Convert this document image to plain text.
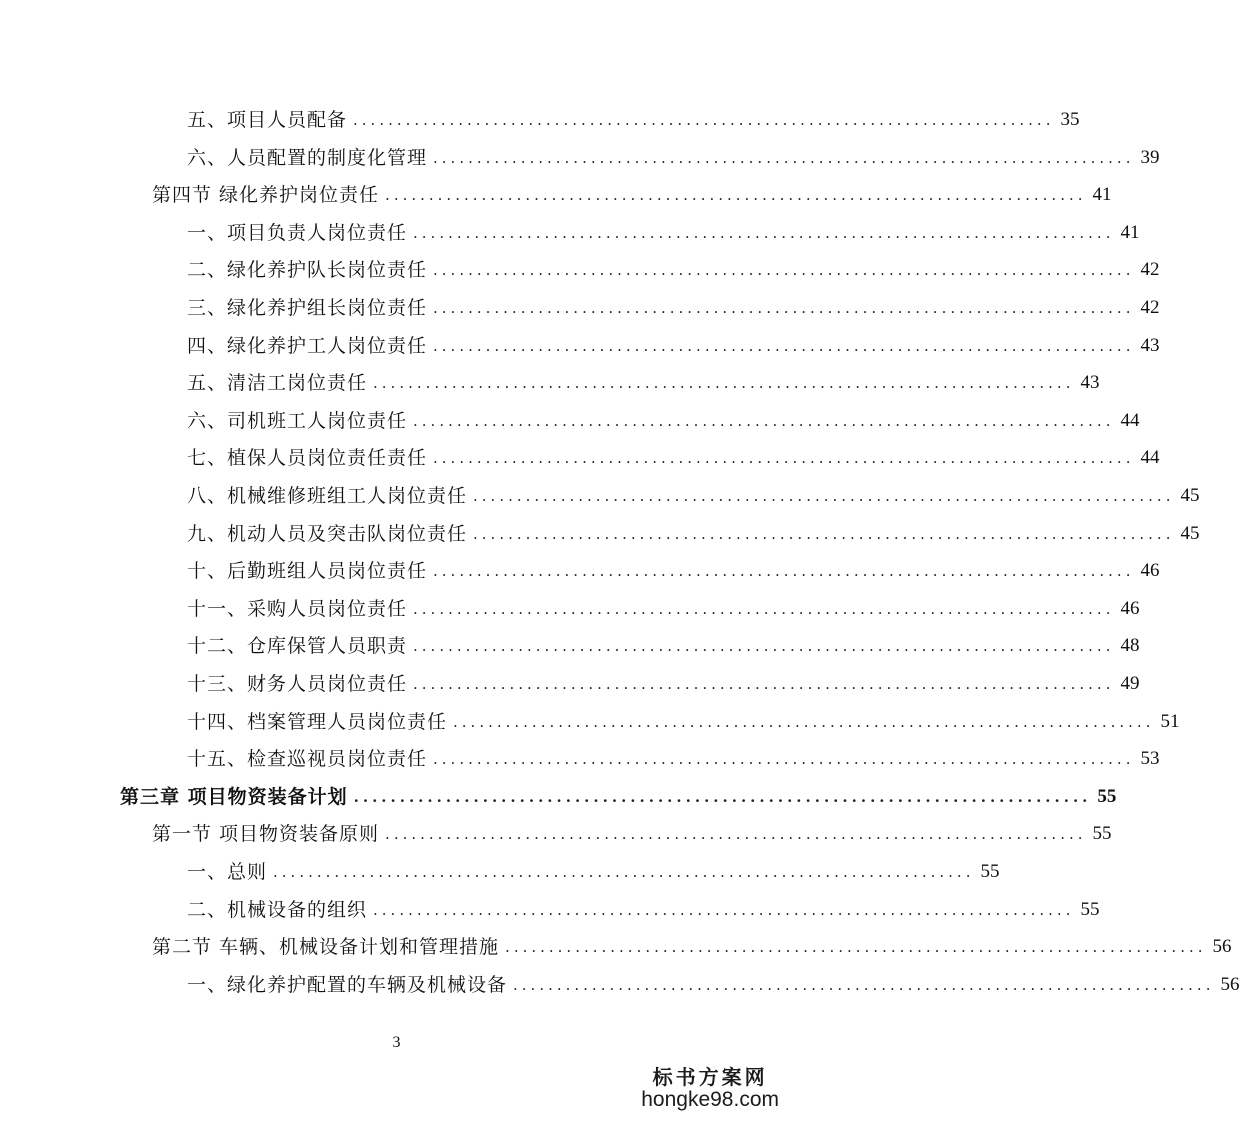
五、项目人员配备 ................................................................................ 35
六、人员配置的制度化管理 ................................................................................ 39
第四节 绿化养护岗位责任 ................................................................................ 41
一、项目负责人岗位责任 ................................................................................ 41
二、绿化养护队长岗位责任 ................................................................................ 42
三、绿化养护组长岗位责任 ................................................................................ 42
四、绿化养护工人岗位责任 ................................................................................ 43
五、清洁工岗位责任 ................................................................................ 43
六、司机班工人岗位责任 ................................................................................ 44
七、植保人员岗位责任责任 ................................................................................ 44
八、机械维修班组工人岗位责任 ................................................................................ 45
九、机动人员及突击队岗位责任 ................................................................................ 45
十、后勤班组人员岗位责任 ................................................................................ 46
十一、采购人员岗位责任 ................................................................................ 46
十二、仓库保管人员职责 ................................................................................ 48
十三、财务人员岗位责任 ................................................................................ 49
十四、档案管理人员岗位责任 ................................................................................ 51
十五、检查巡视员岗位责任 ................................................................................ 53
第三章 项目物资装备计划 ................................................................................ 55
第一节 项目物资装备原则 ................................................................................ 55
一、总则 ................................................................................ 55
二、机械设备的组织 ................................................................................ 55
第二节 车辆、机械设备计划和管理措施 ................................................................................ 56
一、绿化养护配置的车辆及机械设备 ................................................................................ 56
3
标书方案网
hongke98.com
